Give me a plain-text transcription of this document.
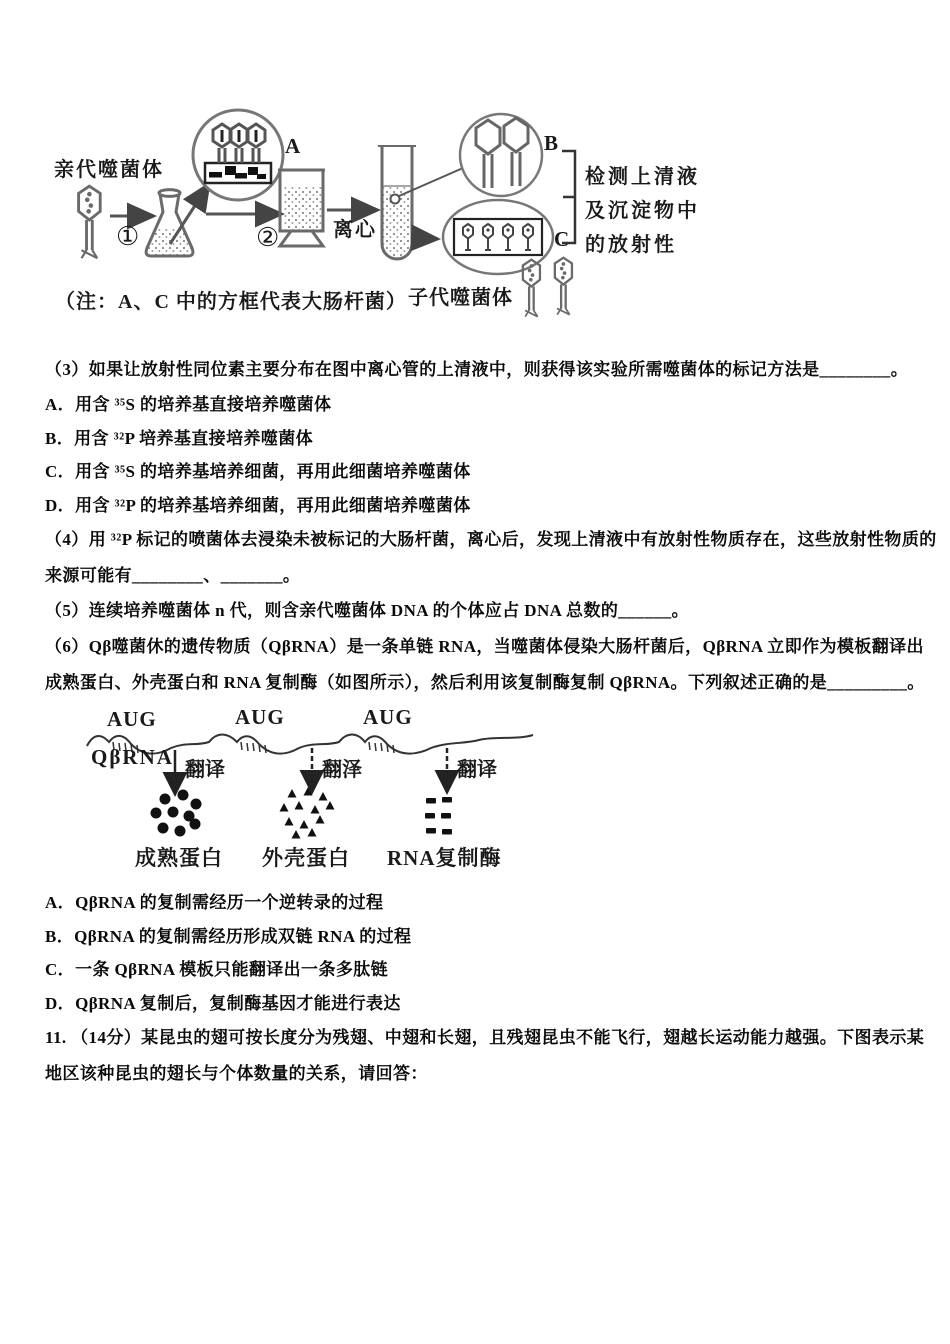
亲代噬菌体
①
A
②	离心
B
C
检测上清液
及沉淀物中
的放射性
（注：A、C 中的方框代表大肠杆菌） 子代噬菌体
（3）如果让放射性同位素主要分布在图中离心管的上清液中，则获得该实验所需噬菌体的标记方法是________。
A．用含 ³⁵S 的培养基直接培养噬菌体
B．用含 ³²P 培养基直接培养噬菌体
C．用含 ³⁵S 的培养基培养细菌，再用此细菌培养噬菌体
D．用含 ³²P 的培养基培养细菌，再用此细菌培养噬菌体
（4）用 ³²P 标记的喷菌体去浸染未被标记的大肠杆菌，离心后，发现上清液中有放射性物质存在，这些放射性物质的
来源可能有________、_______。
（5）连续培养噬菌体 n 代，则含亲代噬菌体 DNA 的个体应占 DNA 总数的______。
（6）Qβ噬菌休的遗传物质（QβRNA）是一条单链 RNA，当噬菌体侵染大肠杆菌后，QβRNA 立即作为模板翻译出
成熟蛋白、外壳蛋白和 RNA 复制酶（如图所示），然后利用该复制酶复制 QβRNA。下列叙述正确的是_________。
AUG	AUG	AUG
QβRNA
翻译	翻泽	翻译
成熟蛋白 外壳蛋白 RNA复制酶
A．QβRNA 的复制需经历一个逆转录的过程
B．QβRNA 的复制需经历形成双链 RNA 的过程
C．一条 QβRNA 模板只能翻译出一条多肽链
D．QβRNA 复制后，复制酶基因才能进行表达
11. （14分）某昆虫的翅可按长度分为残翅、中翅和长翅，且残翅昆虫不能飞行，翅越长运动能力越强。下图表示某
地区该种昆虫的翅长与个体数量的关系，请回答：
